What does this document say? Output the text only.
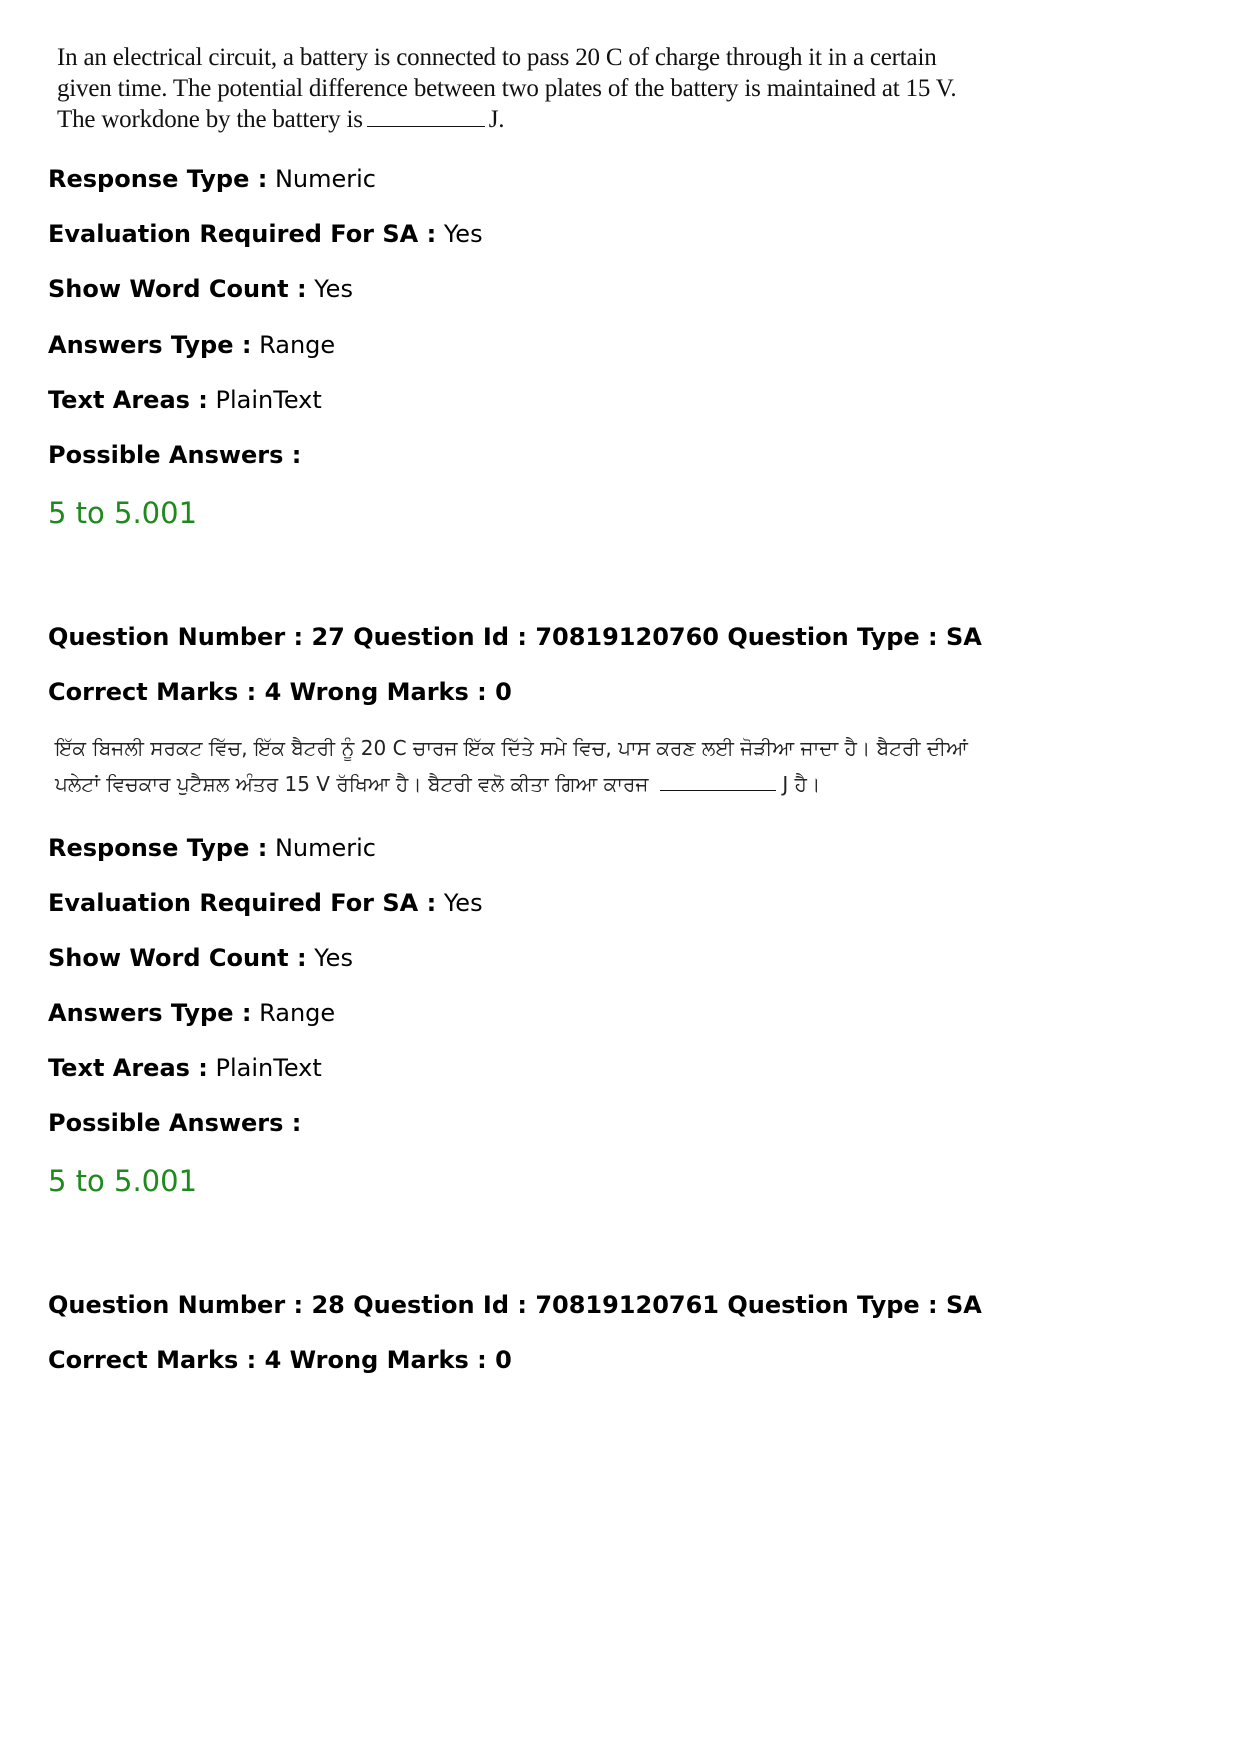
In an electrical circuit, a battery is connected to pass 20 C of charge through it in a certain
given time. The potential difference between two plates of the battery is maintained at 15 V.
The workdone by the battery is	J.
Response Type : Numeric
Evaluation Required For SA : Yes
Show Word Count : Yes
Answers Type : Range
Text Areas : PlainText
Possible Answers :
5 to 5.001
Question Number : 27 Question Id : 70819120760 Question Type : SA
Correct Marks : 4 Wrong Marks : 0
ਇੱਕ ਬਿਜਲੀ ਸਰਕਟ ਵਿੱਚ, ਇੱਕ ਬੈਟਰੀ ਨੂੰ 20 C ਚਾਰਜ ਇੱਕ ਦਿੱਤੇ ਸਮੇ ਵਿਚ, ਪਾਸ ਕਰਣ ਲਈ ਜੋੜੀਆ ਜਾਦਾ ਹੈ। ਬੈਟਰੀ ਦੀਆਂ
ਪਲੇਟਾਂ ਵਿਚਕਾਰ ਪੁਟੈਸ਼ਲ ਅੰਤਰ 15 V ਰੱਖਿਆ ਹੈ। ਬੈਟਰੀ ਵਲੋ ਕੀਤਾ ਗਿਆ ਕਾਰਜ	J ਹੈ।
Response Type : Numeric
Evaluation Required For SA : Yes
Show Word Count : Yes
Answers Type : Range
Text Areas : PlainText
Possible Answers :
5 to 5.001
Question Number : 28 Question Id : 70819120761 Question Type : SA
Correct Marks : 4 Wrong Marks : 0
